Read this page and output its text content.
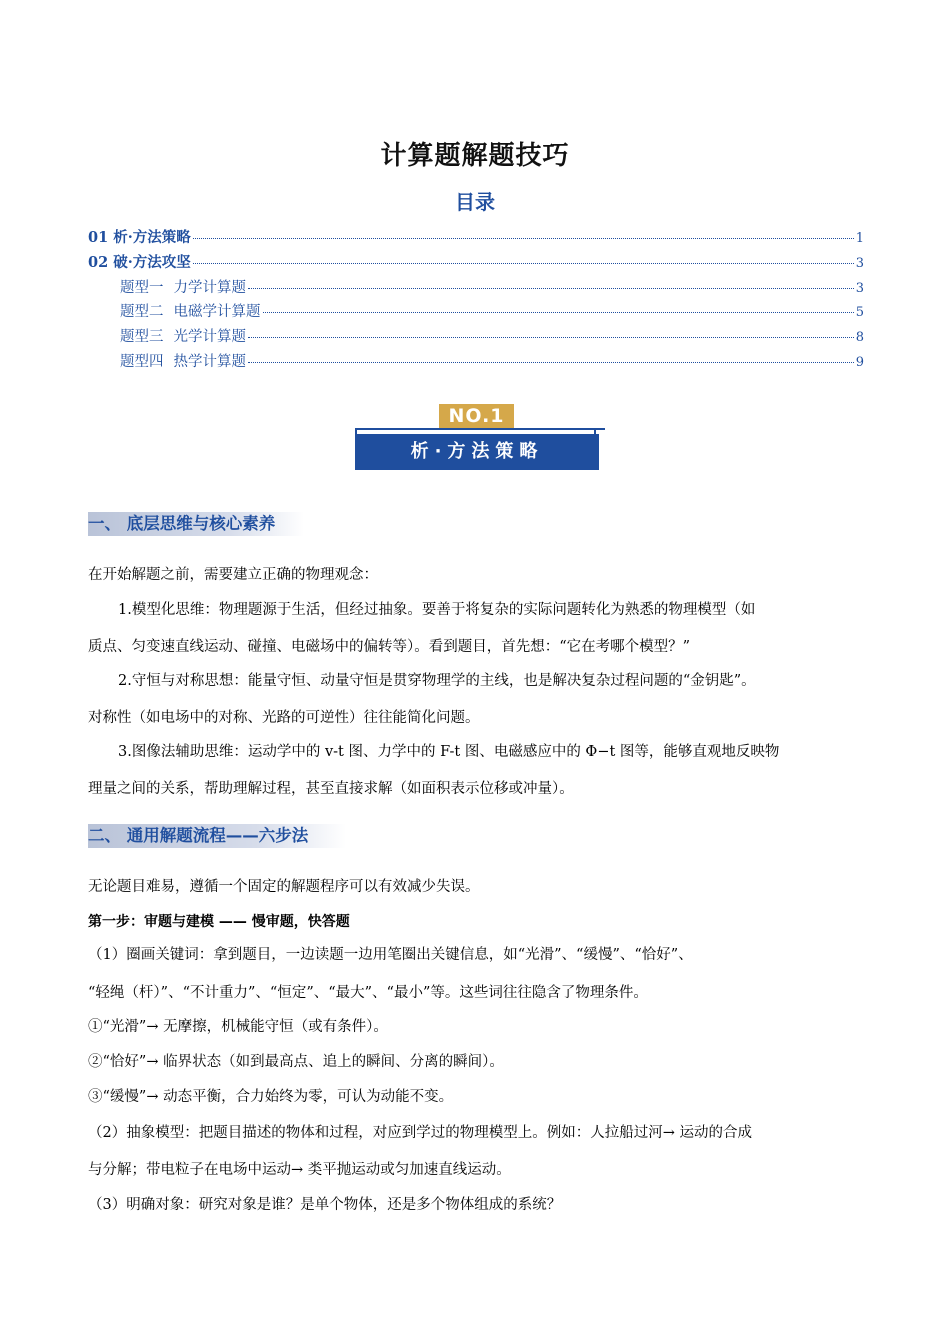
计算题解题技巧
目录
01 析·方法策略	1
02 破·方法攻坚	3
题型一 力学计算题	3
题型二 电磁学计算题	5
题型三 光学计算题	8
题型四 热学计算题	9
NO.1
析·方法策略
一、 底层思维与核心素养
在开始解题之前，需要建立正确的物理观念：
1.模型化思维：物理题源于生活，但经过抽象。要善于将复杂的实际问题转化为熟悉的物理模型（如
质点、匀变速直线运动、碰撞、电磁场中的偏转等）。看到题目，首先想：“它在考哪个模型？”
2.守恒与对称思想：能量守恒、动量守恒是贯穿物理学的主线，也是解决复杂过程问题的“金钥匙”。
对称性（如电场中的对称、光路的可逆性）往往能简化问题。
3.图像法辅助思维：运动学中的 v-t 图、力学中的 F-t 图、电磁感应中的 Φ−t 图等，能够直观地反映物
理量之间的关系，帮助理解过程，甚至直接求解（如面积表示位移或冲量）。
二、 通用解题流程——六步法
无论题目难易，遵循一个固定的解题程序可以有效减少失误。
第一步：审题与建模 —— 慢审题，快答题
（1）圈画关键词：拿到题目，一边读题一边用笔圈出关键信息，如“光滑”、“缓慢”、“恰好”、
“轻绳（杆）”、“不计重力”、“恒定”、“最大”、“最小”等。这些词往往隐含了物理条件。
①“光滑”→ 无摩擦，机械能守恒（或有条件）。
②“恰好”→ 临界状态（如到最高点、追上的瞬间、分离的瞬间）。
③“缓慢”→ 动态平衡，合力始终为零，可认为动能不变。
（2）抽象模型：把题目描述的物体和过程，对应到学过的物理模型上。例如：人拉船过河→ 运动的合成
与分解；带电粒子在电场中运动→ 类平抛运动或匀加速直线运动。
（3）明确对象：研究对象是谁？是单个物体，还是多个物体组成的系统？
